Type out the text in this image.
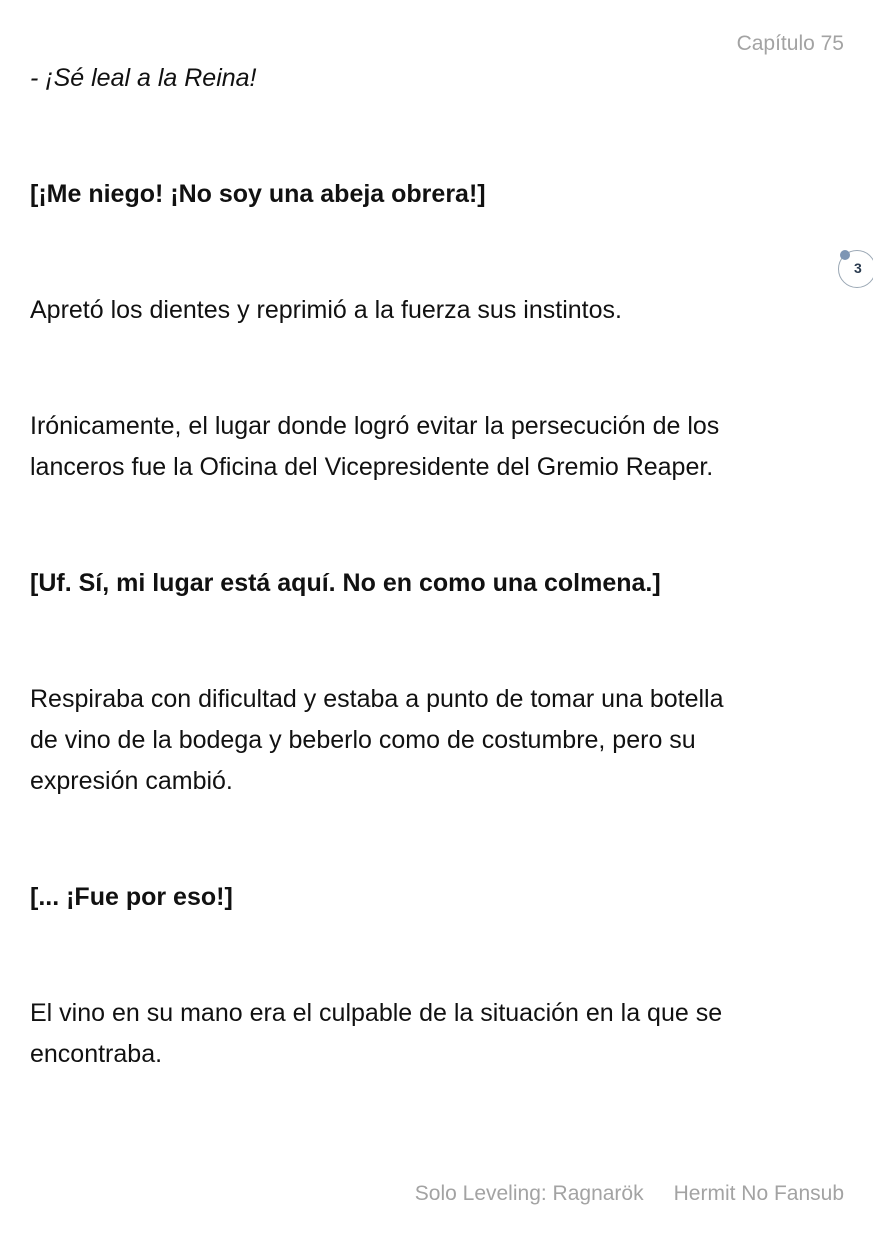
Capítulo 75

- ¡Sé leal a la Reina!

[¡Me niego! ¡No soy una abeja obrera!]

Apretó los dientes y reprimió a la fuerza sus instintos.

Irónicamente, el lugar donde logró evitar la persecución de los
lanceros fue la Oficina del Vicepresidente del Gremio Reaper.

[Uf. Sí, mi lugar está aquí. No en como una colmena.]

Respiraba con dificultad y estaba a punto de tomar una botella
de vino de la bodega y beberlo como de costumbre, pero su
expresión cambió.

[... ¡Fue por eso!]

El vino en su mano era el culpable de la situación en la que se
encontraba.

3
Solo Leveling: Ragnarök Hermit No Fansub
